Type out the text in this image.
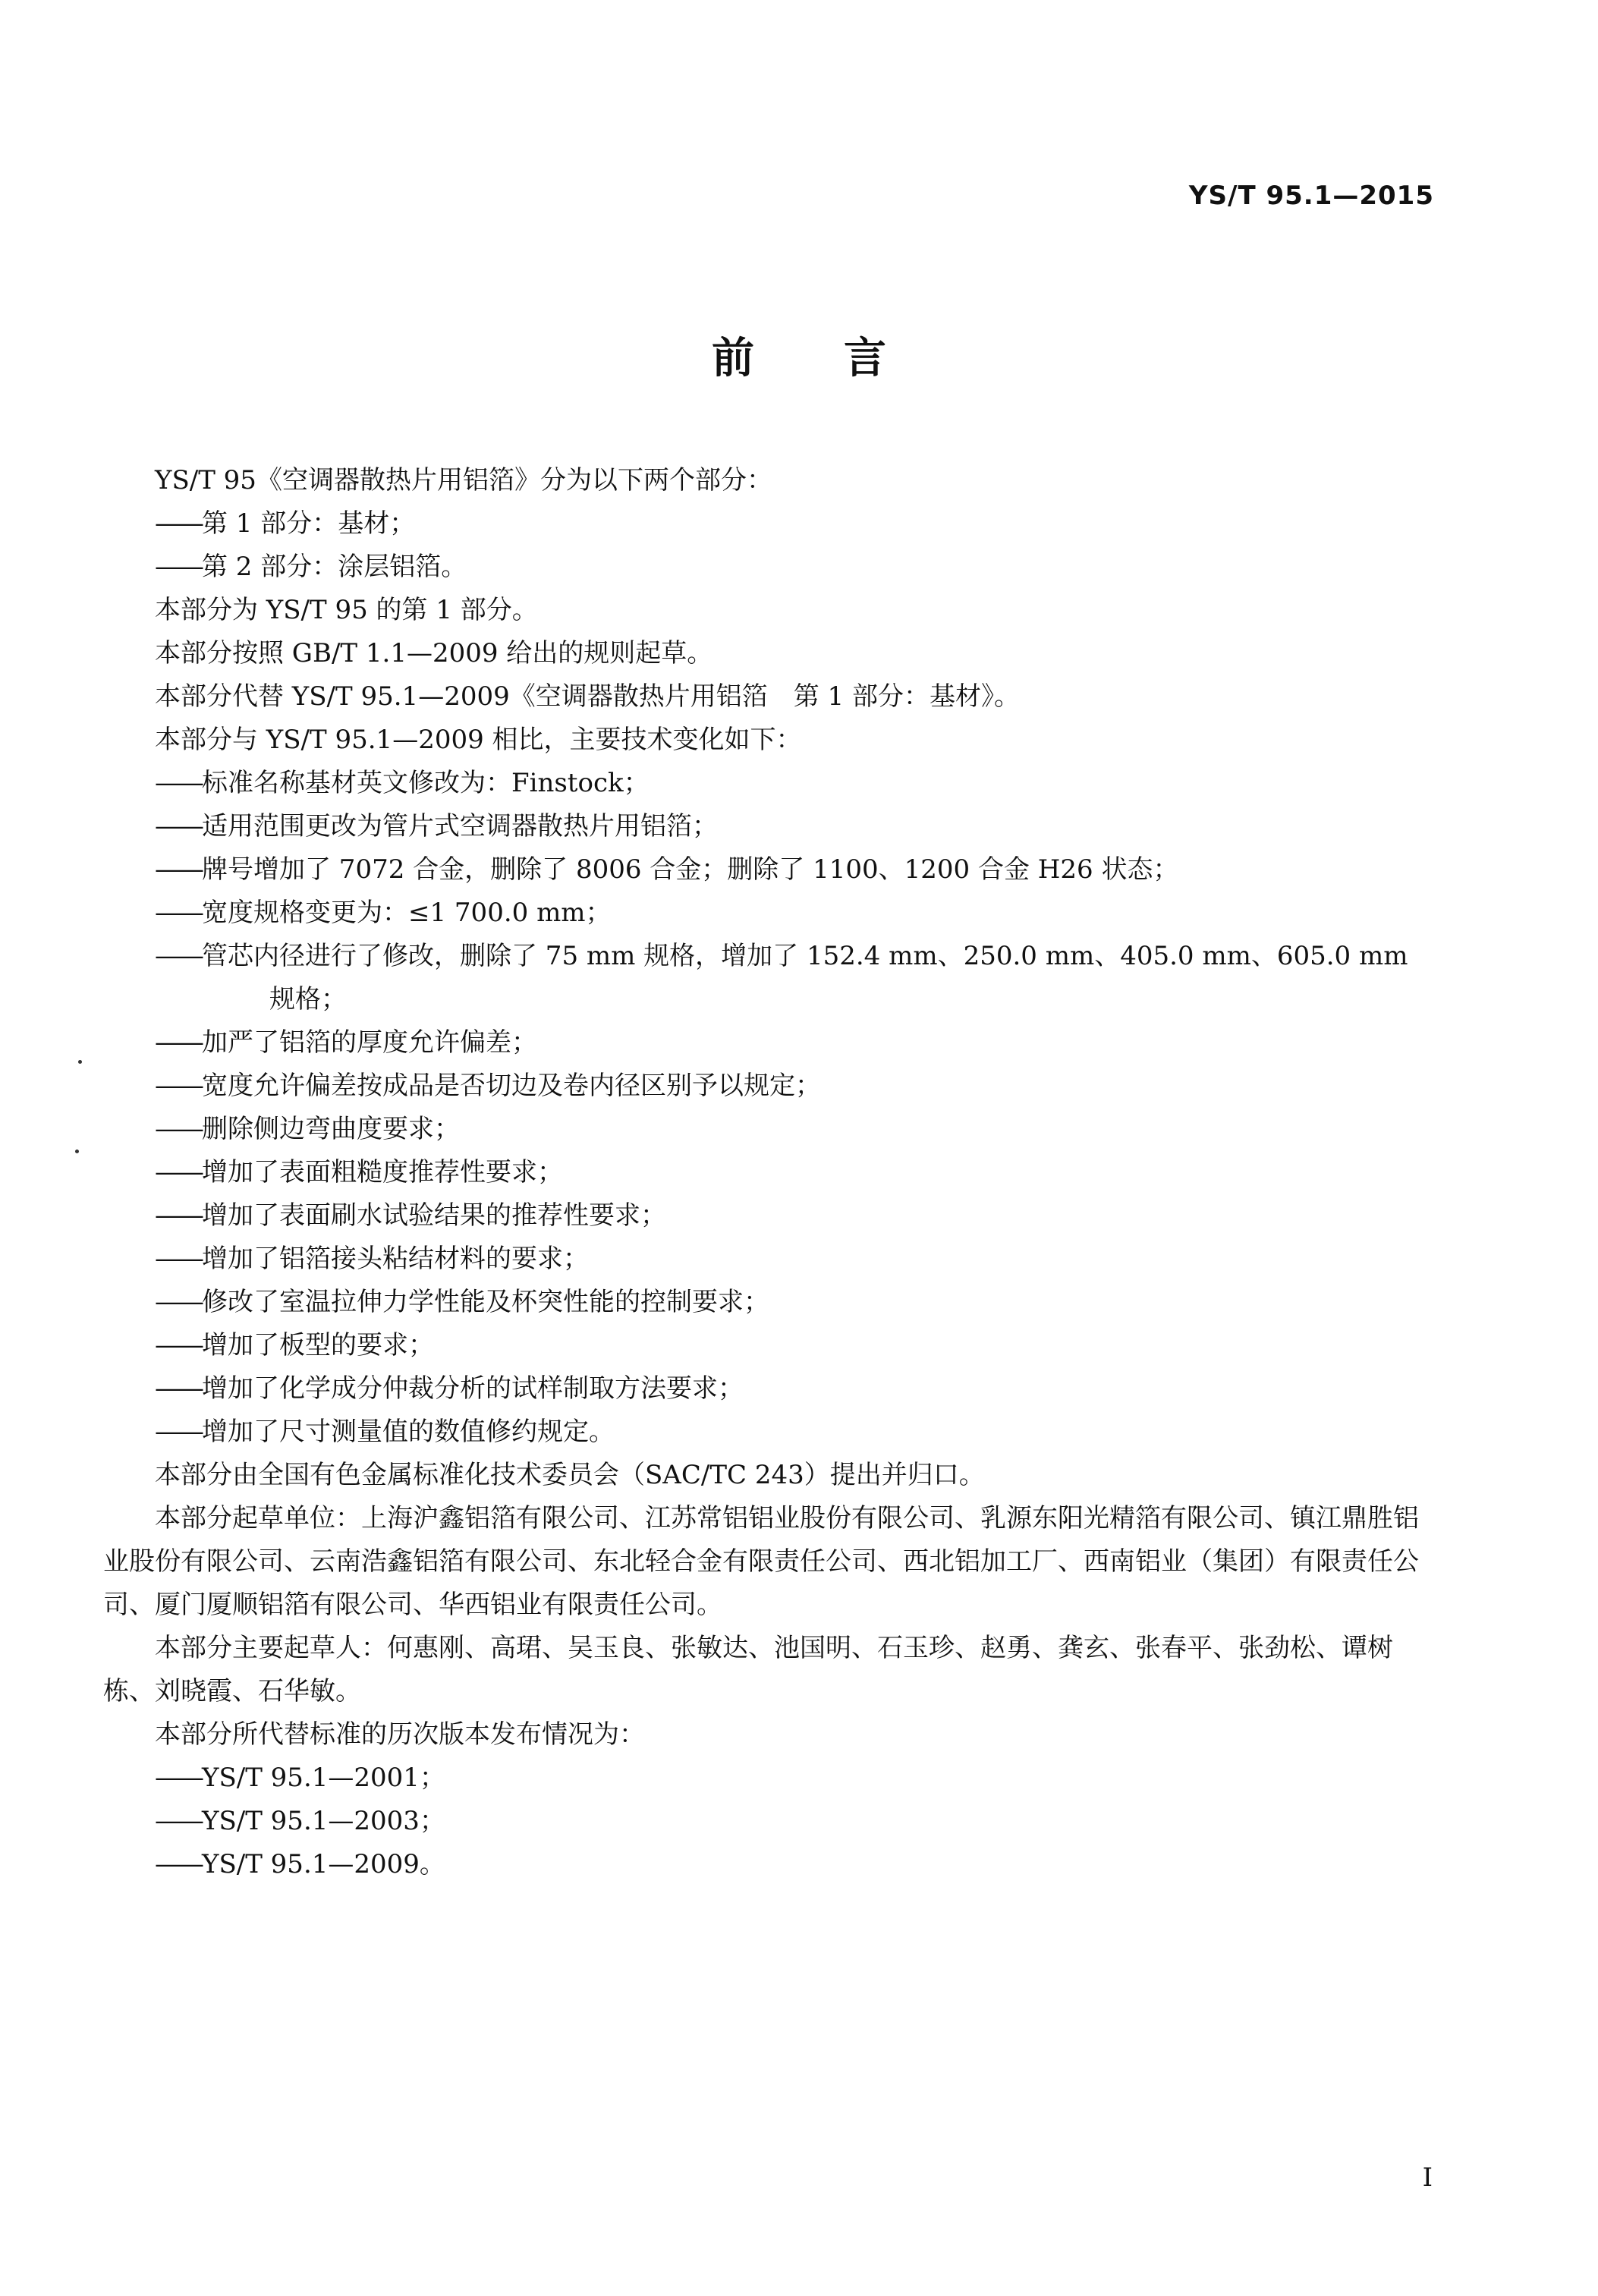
YS/T 95.1—2015
前言

YS/T 95《空调器散热片用铝箔》分为以下两个部分：

——第 1 部分：基材；

——第 2 部分：涂层铝箔。

本部分为 YS/T 95 的第 1 部分。

本部分按照 GB/T 1.1—2009 给出的规则起草。

本部分代替 YS/T 95.1—2009《空调器散热片用铝箔　第 1 部分：基材》。

本部分与 YS/T 95.1—2009 相比，主要技术变化如下：

——标准名称基材英文修改为：Finstock；

——适用范围更改为管片式空调器散热片用铝箔；

——牌号增加了 7072 合金，删除了 8006 合金；删除了 1100、1200 合金 H26 状态；

——宽度规格变更为：≤1 700.0 mm；

——管芯内径进行了修改，删除了 75 mm 规格，增加了 152.4 mm、250.0 mm、405.0 mm、605.0 mm

规格；

——加严了铝箔的厚度允许偏差；

——宽度允许偏差按成品是否切边及卷内径区别予以规定；

——删除侧边弯曲度要求；

——增加了表面粗糙度推荐性要求；

——增加了表面刷水试验结果的推荐性要求；

——增加了铝箔接头粘结材料的要求；

——修改了室温拉伸力学性能及杯突性能的控制要求；

——增加了板型的要求；

——增加了化学成分仲裁分析的试样制取方法要求；

——增加了尺寸测量值的数值修约规定。

本部分由全国有色金属标准化技术委员会（SAC/TC 243）提出并归口。

本部分起草单位：上海沪鑫铝箔有限公司、江苏常铝铝业股份有限公司、乳源东阳光精箔有限公司、镇江鼎胜铝业股份有限公司、云南浩鑫铝箔有限公司、东北轻合金有限责任公司、西北铝加工厂、西南铝业（集团）有限责任公司、厦门厦顺铝箔有限公司、华西铝业有限责任公司。

本部分主要起草人：何惠刚、高珺、吴玉良、张敏达、池国明、石玉珍、赵勇、龚玄、张春平、张劲松、谭树栋、刘晓霞、石华敏。

本部分所代替标准的历次版本发布情况为：

——YS/T 95.1—2001；

——YS/T 95.1—2003；

——YS/T 95.1—2009。

I
